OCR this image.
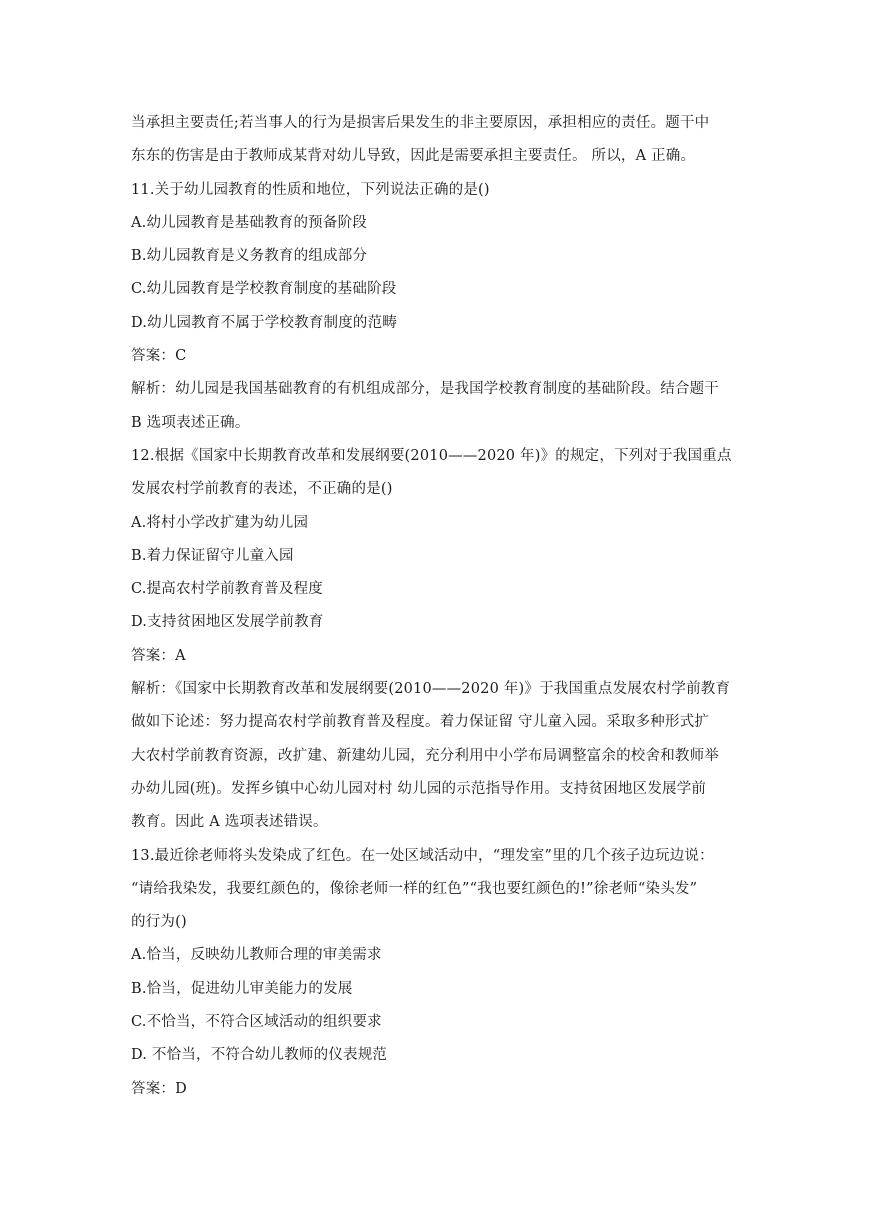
当承担主要责任;若当事人的行为是损害后果发生的非主要原因，承担相应的责任。题干中
东东的伤害是由于教师成某背对幼儿导致，因此是需要承担主要责任。 所以，A 正确。
11.关于幼儿园教育的性质和地位，下列说法正确的是()
A.幼儿园教育是基础教育的预备阶段
B.幼儿园教育是义务教育的组成部分
C.幼儿园教育是学校教育制度的基础阶段
D.幼儿园教育不属于学校教育制度的范畴
答案：C
解析：幼儿园是我国基础教育的有机组成部分，是我国学校教育制度的基础阶段。结合题干
B 选项表述正确。
12.根据《国家中长期教育改革和发展纲要(2010——2020 年)》的规定，下列对于我国重点
发展农村学前教育的表述，不正确的是()
A.将村小学改扩建为幼儿园
B.着力保证留守儿童入园
C.提高农村学前教育普及程度
D.支持贫困地区发展学前教育
答案：A
解析：《国家中长期教育改革和发展纲要(2010——2020 年)》于我国重点发展农村学前教育
做如下论述：努力提高农村学前教育普及程度。着力保证留 守儿童入园。采取多种形式扩
大农村学前教育资源，改扩建、新建幼儿园，充分利用中小学布局调整富余的校舍和教师举
办幼儿园(班)。发挥乡镇中心幼儿园对村 幼儿园的示范指导作用。支持贫困地区发展学前
教育。因此 A 选项表述错误。
13.最近徐老师将头发染成了红色。在一处区域活动中，“理发室”里的几个孩子边玩边说：
“请给我染发，我要红颜色的，像徐老师一样的红色”“我也要红颜色的!”徐老师“染头发”
的行为()
A.恰当，反映幼儿教师合理的审美需求
B.恰当，促进幼儿审美能力的发展
C.不恰当，不符合区域活动的组织要求
D. 不恰当，不符合幼儿教师的仪表规范
答案：D
